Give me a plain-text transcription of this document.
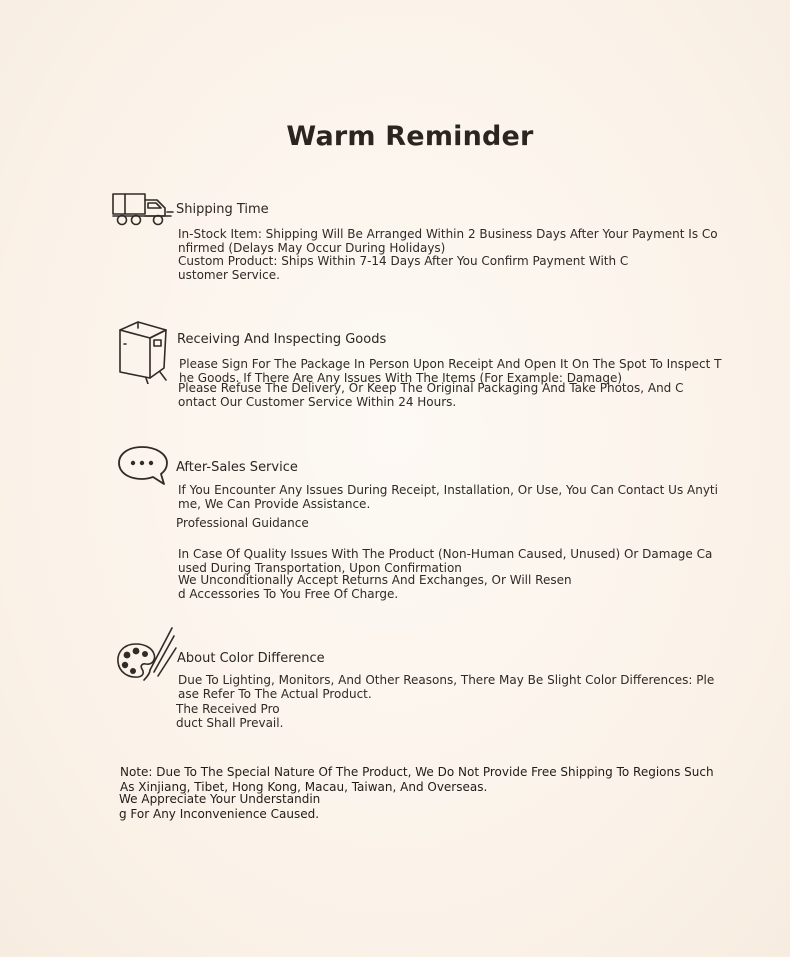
Warm Reminder
Shipping Time
In-Stock Item: Shipping Will Be Arranged Within 2 Business Days After Your Payment Is Co
nfirmed (Delays May Occur During Holidays)
Custom Product: Ships Within 7-14 Days After You Confirm Payment With C
ustomer Service.
Receiving And Inspecting Goods
Please Sign For The Package In Person Upon Receipt And Open It On The Spot To Inspect T
he Goods. If There Are Any Issues With The Items (For Example: Damage)
Please Refuse The Delivery, Or Keep The Original Packaging And Take Photos, And C
ontact Our Customer Service Within 24 Hours.
After-Sales Service
If You Encounter Any Issues During Receipt, Installation, Or Use, You Can Contact Us Anyti
me, We Can Provide Assistance.
Professional Guidance
In Case Of Quality Issues With The Product (Non-Human Caused, Unused) Or Damage Ca
used During Transportation, Upon Confirmation
We Unconditionally Accept Returns And Exchanges, Or Will Resen
d Accessories To You Free Of Charge.
About Color Difference
Due To Lighting, Monitors, And Other Reasons, There May Be Slight Color Differences: Ple
ase Refer To The Actual Product.
The Received Pro
duct Shall Prevail.
Note: Due To The Special Nature Of The Product, We Do Not Provide Free Shipping To Regions Such
As Xinjiang, Tibet, Hong Kong, Macau, Taiwan, And Overseas.
We Appreciate Your Understandin
g For Any Inconvenience Caused.
